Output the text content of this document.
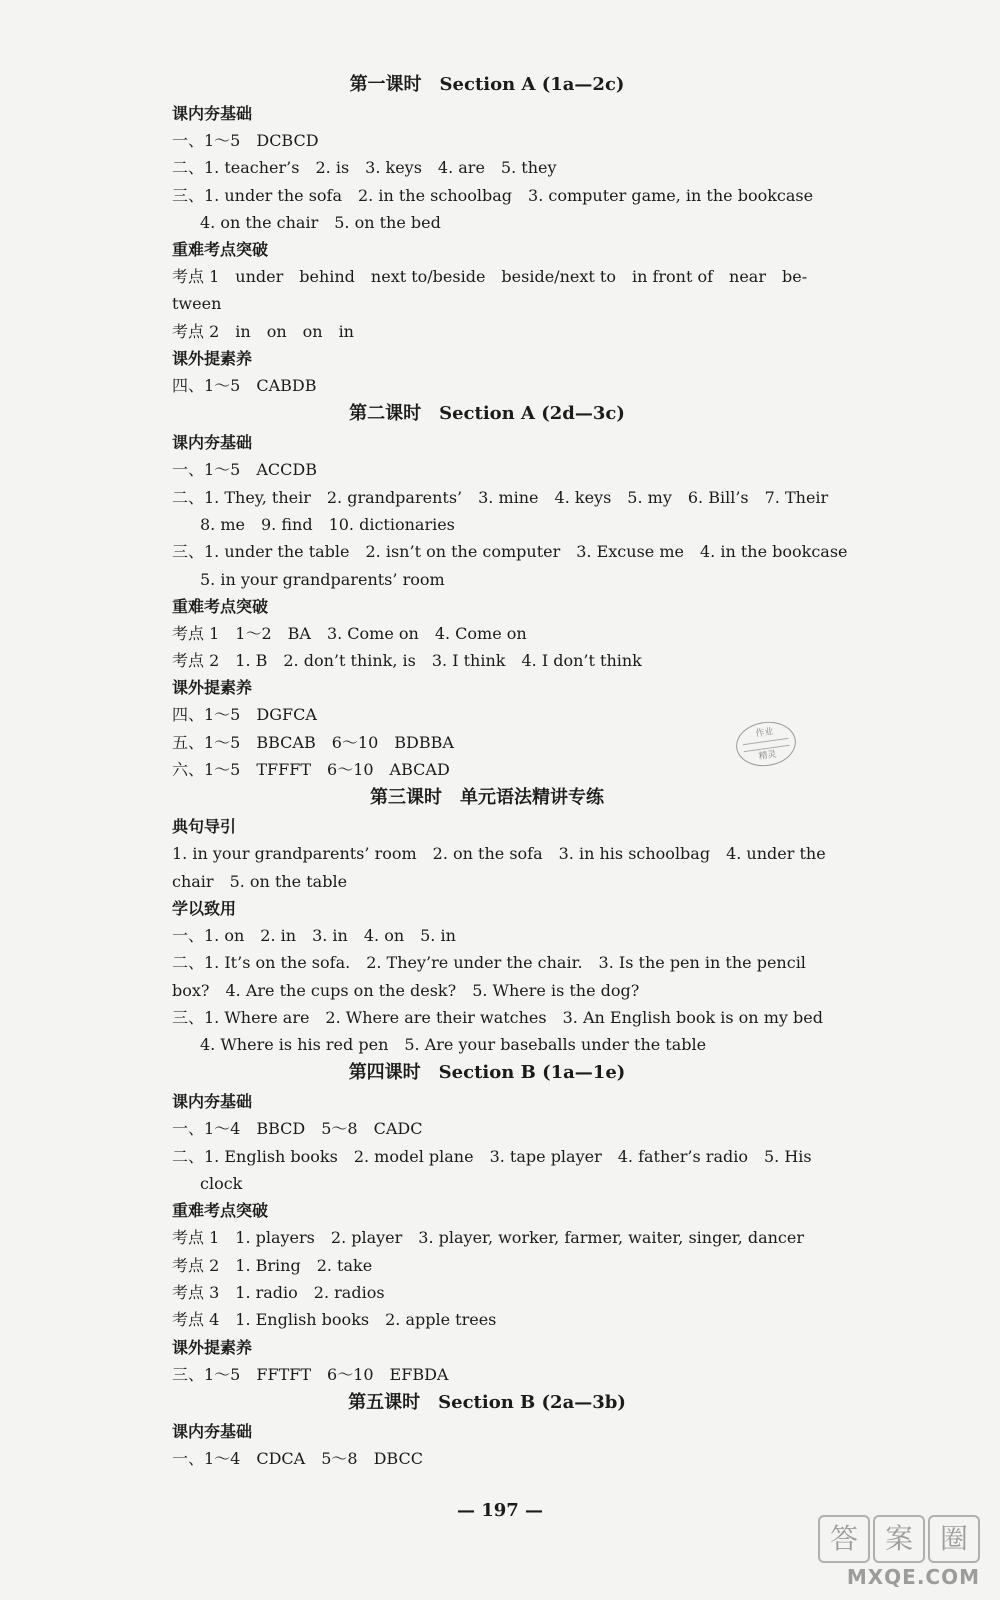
第一课时　Section A (1a—2c)
课内夯基础
一、1～5　DCBCD
二、1. teacher’s　2. is　3. keys　4. are　5. they
三、1. under the sofa　2. in the schoolbag　3. computer game, in the bookcase
4. on the chair　5. on the bed
重难考点突破
考点 1　under　behind　next to/beside　beside/next to　in front of　near　be-
tween
考点 2　in　on　on　in
课外提素养
四、1～5　CABDB
第二课时　Section A (2d—3c)
课内夯基础
一、1～5　ACCDB
二、1. They, their　2. grandparents’　3. mine　4. keys　5. my　6. Bill’s　7. Their
8. me　9. find　10. dictionaries
三、1. under the table　2. isn’t on the computer　3. Excuse me　4. in the bookcase
5. in your grandparents’ room
重难考点突破
考点 1　1～2　BA　3. Come on　4. Come on
考点 2　1. B　2. don’t think, is　3. I think　4. I don’t think
课外提素养
四、1～5　DGFCA
五、1～5　BBCAB　6～10　BDBBA
六、1～5　TFFFT　6～10　ABCAD
第三课时　单元语法精讲专练
典句导引
1. in your grandparents’ room　2. on the sofa　3. in his schoolbag　4. under the
chair　5. on the table
学以致用
一、1. on　2. in　3. in　4. on　5. in
二、1. It’s on the sofa.　2. They’re under the chair.　3. Is the pen in the pencil
box?　4. Are the cups on the desk?　5. Where is the dog?
三、1. Where are　2. Where are their watches　3. An English book is on my bed
4. Where is his red pen　5. Are your baseballs under the table
第四课时　Section B (1a—1e)
课内夯基础
一、1～4　BBCD　5～8　CADC
二、1. English books　2. model plane　3. tape player　4. father’s radio　5. His
clock
重难考点突破
考点 1　1. players　2. player　3. player, worker, farmer, waiter, singer, dancer
考点 2　1. Bring　2. take
考点 3　1. radio　2. radios
考点 4　1. English books　2. apple trees
课外提素养
三、1～5　FFTFT　6～10　EFBDA
第五课时　Section B (2a—3b)
课内夯基础
一、1～4　CDCA　5～8　DBCC
作业
精灵
— 197 —
答 案 圈
MXQE.COM
